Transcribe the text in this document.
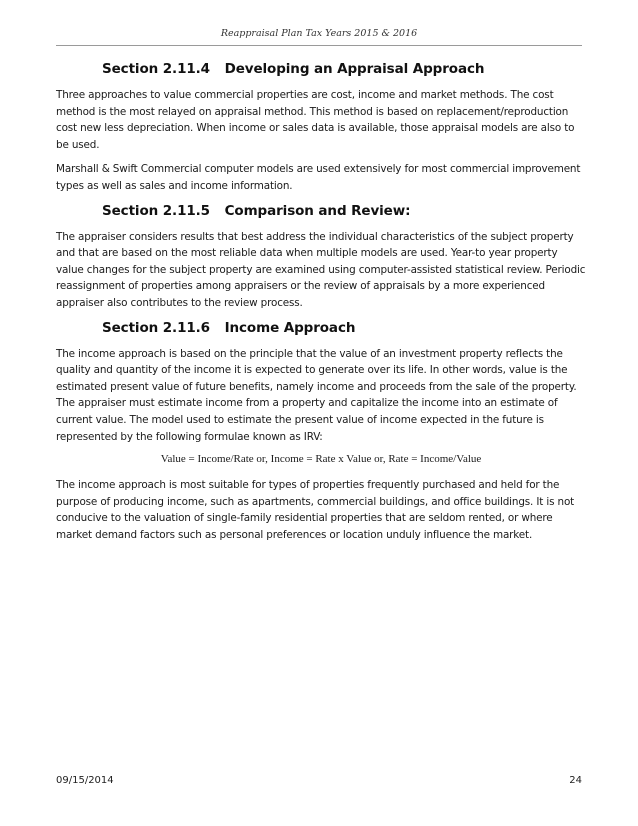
Reappraisal Plan Tax Years 2015 & 2016
Section 2.11.4 Developing an Appraisal Approach

Three approaches to value commercial properties are cost, income and market methods. The cost method is the most relayed on appraisal method. This method is based on replacement/reproduction cost new less depreciation. When income or sales data is available, those appraisal models are also to be used.

Marshall & Swift Commercial computer models are used extensively for most commercial improvement types as well as sales and income information.

Section 2.11.5 Comparison and Review:

The appraiser considers results that best address the individual characteristics of the subject property and that are based on the most reliable data when multiple models are used. Year-to year property value changes for the subject property are examined using computer-assisted statistical review. Periodic reassignment of properties among appraisers or the review of appraisals by a more experienced appraiser also contributes to the review process.

Section 2.11.6 Income Approach

The income approach is based on the principle that the value of an investment property reflects the quality and quantity of the income it is expected to generate over its life. In other words, value is the estimated present value of future benefits, namely income and proceeds from the sale of the property. The appraiser must estimate income from a property and capitalize the income into an estimate of current value. The model used to estimate the present value of income expected in the future is represented by the following formulae known as IRV:

Value = Income/Rate or, Income = Rate x Value or, Rate = Income/Value

The income approach is most suitable for types of properties frequently purchased and held for the purpose of producing income, such as apartments, commercial buildings, and office buildings. It is not conducive to the valuation of single-family residential properties that are seldom rented, or where market demand factors such as personal preferences or location unduly influence the market.

09/15/2014	24
